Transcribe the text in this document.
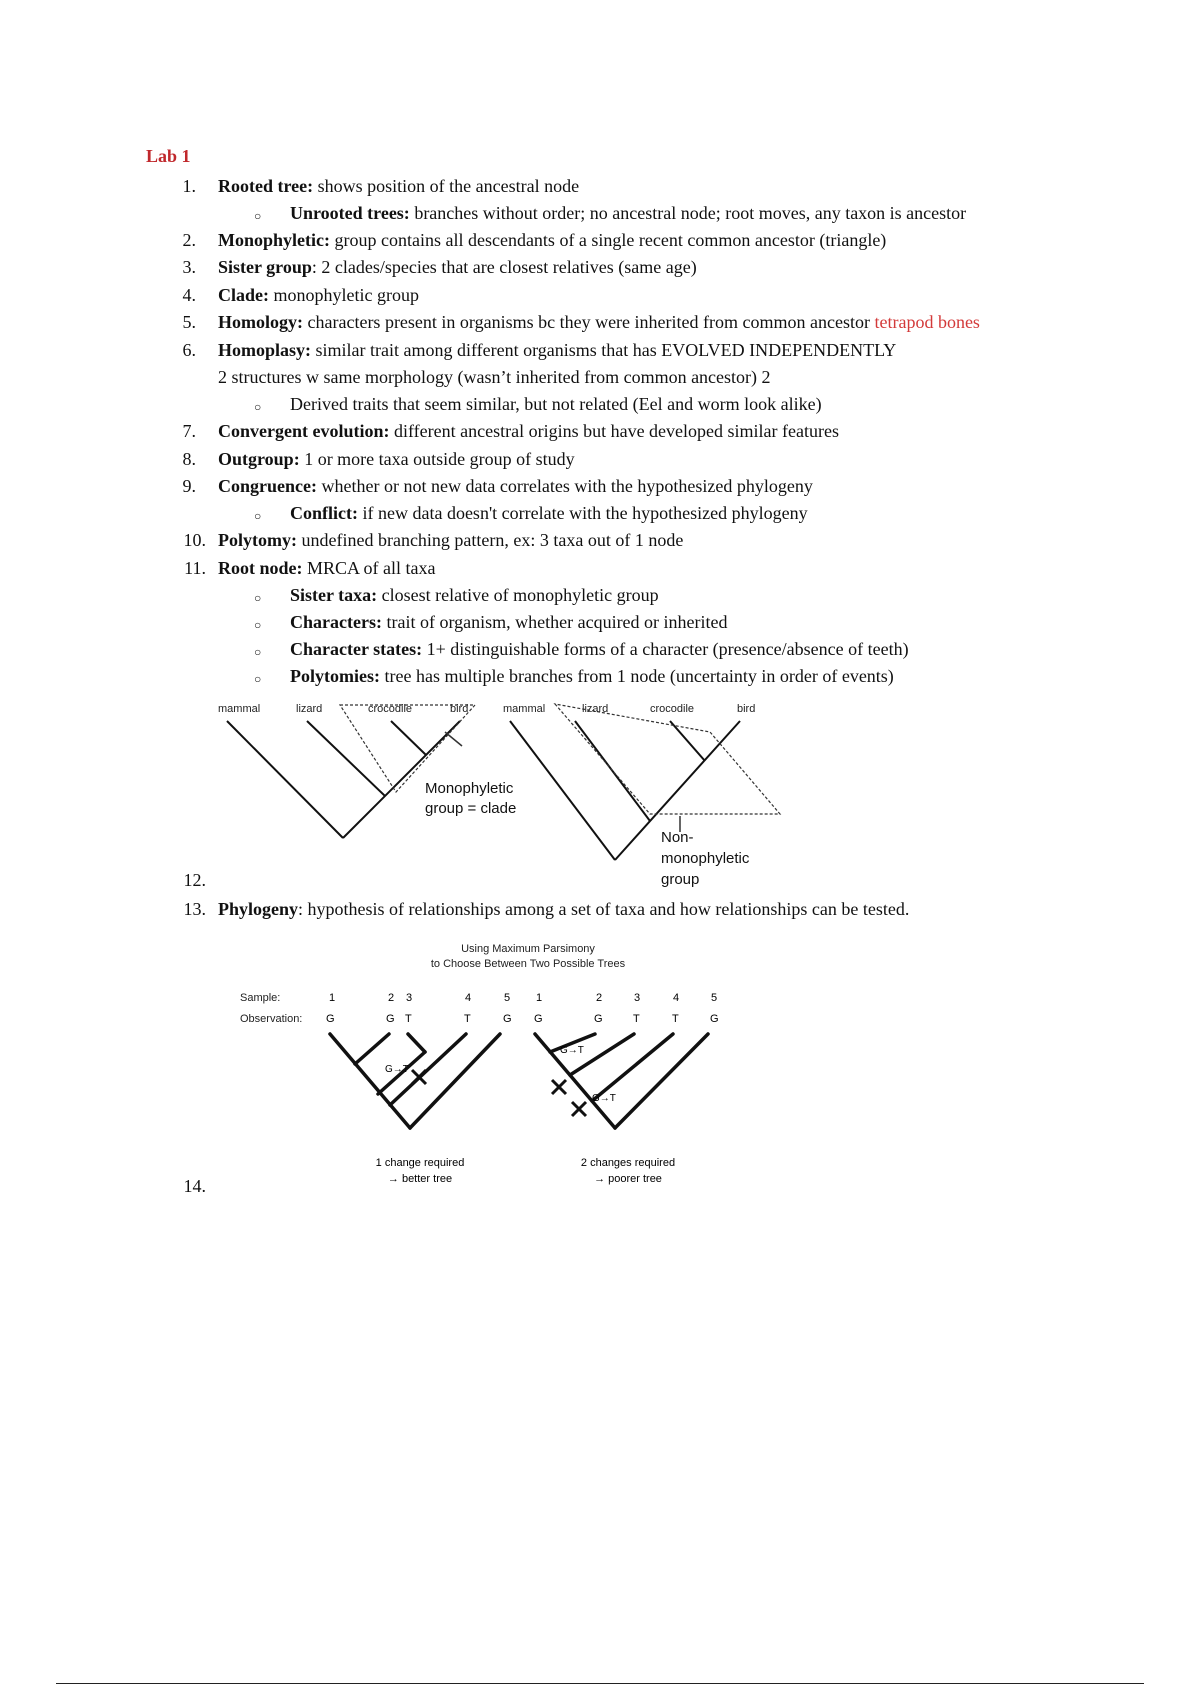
Lab 1
1. Rooted tree: shows position of the ancestral node
○ Unrooted trees: branches without order; no ancestral node; root moves, any taxon is ancestor
2. Monophyletic: group contains all descendants of a single recent common ancestor (triangle)
3. Sister group: 2 clades/species that are closest relatives (same age)
4. Clade: monophyletic group
5. Homology: characters present in organisms bc they were inherited from common ancestor tetrapod bones
6. Homoplasy: similar trait among different organisms that has EVOLVED INDEPENDENTLY
2 structures w same morphology (wasn’t inherited from common ancestor) 2
○ Derived traits that seem similar, but not related (Eel and worm look alike)
7. Convergent evolution: different ancestral origins but have developed similar features
8. Outgroup: 1 or more taxa outside group of study
9. Congruence: whether or not new data correlates with the hypothesized phylogeny
○ Conflict: if new data doesn't correlate with the hypothesized phylogeny
10. Polytomy: undefined branching pattern, ex: 3 taxa out of 1 node
11. Root node: MRCA of all taxa
○ Sister taxa: closest relative of monophyletic group
○ Characters: trait of organism, whether acquired or inherited
○ Character states: 1+ distinguishable forms of a character (presence/absence of teeth)
○ Polytomies: tree has multiple branches from 1 node (uncertainty in order of events)
mammal	lizard	crocodile	bird	mammal	lizard	crocodile	bird
Monophyletic
group = clade
Non-
monophyletic
group
12.
13. Phylogeny: hypothesis of relationships among a set of taxa and how relationships can be tested.
Using Maximum Parsimony
to Choose Between Two Possible Trees
Sample:
Observation:
1	2 3	4	5
G	G T	T	G
1	2	3	4	5
G	G	T	T	G
G→T
G→T
G→T
1 change required
→ better tree
2 changes required
→ poorer tree
14.
